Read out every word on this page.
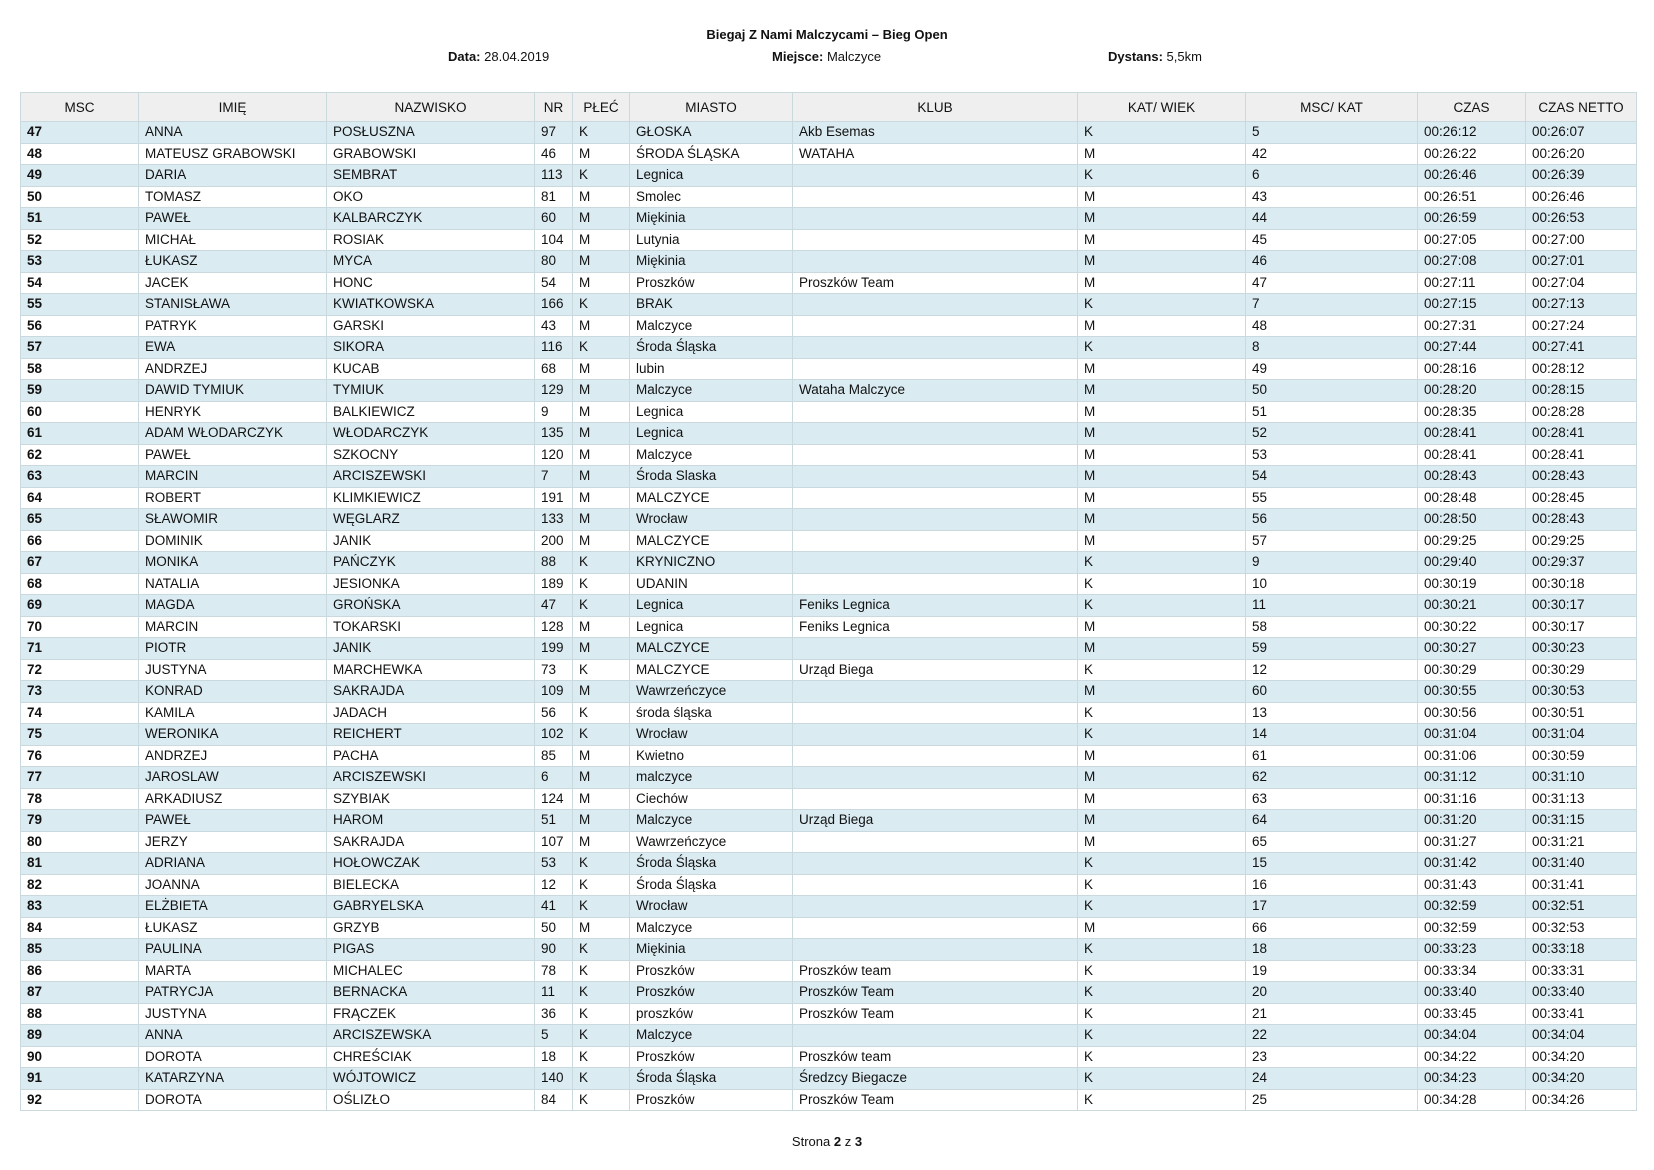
Biegaj Z Nami Malczycami – Bieg Open
Data: 28.04.2019	Miejsce: Malczyce	Dystans: 5,5km
MSC	IMIĘ	NAZWISKO	NR	PŁEĆ	MIASTO	KLUB	KAT/ WIEK	MSC/ KAT	CZAS	CZAS NETTO
47	ANNA	POSŁUSZNA	97	K	GŁOSKA	Akb Esemas	K	5	00:26:12	00:26:07
48	MATEUSZ GRABOWSKI	GRABOWSKI	46	M	ŚRODA ŚLĄSKA	WATAHA	M	42	00:26:22	00:26:20
49	DARIA	SEMBRAT	113	K	Legnica		K	6	00:26:46	00:26:39
50	TOMASZ	OKO	81	M	Smolec		M	43	00:26:51	00:26:46
51	PAWEŁ	KALBARCZYK	60	M	Miękinia		M	44	00:26:59	00:26:53
52	MICHAŁ	ROSIAK	104	M	Lutynia		M	45	00:27:05	00:27:00
53	ŁUKASZ	MYCA	80	M	Miękinia		M	46	00:27:08	00:27:01
54	JACEK	HONC	54	M	Proszków	Proszków Team	M	47	00:27:11	00:27:04
55	STANISŁAWA	KWIATKOWSKA	166	K	BRAK		K	7	00:27:15	00:27:13
56	PATRYK	GARSKI	43	M	Malczyce		M	48	00:27:31	00:27:24
57	EWA	SIKORA	116	K	Środa Śląska		K	8	00:27:44	00:27:41
58	ANDRZEJ	KUCAB	68	M	lubin		M	49	00:28:16	00:28:12
59	DAWID TYMIUK	TYMIUK	129	M	Malczyce	Wataha Malczyce	M	50	00:28:20	00:28:15
60	HENRYK	BALKIEWICZ	9	M	Legnica		M	51	00:28:35	00:28:28
61	ADAM WŁODARCZYK	WŁODARCZYK	135	M	Legnica		M	52	00:28:41	00:28:41
62	PAWEŁ	SZKOCNY	120	M	Malczyce		M	53	00:28:41	00:28:41
63	MARCIN	ARCISZEWSKI	7	M	Środa Slaska		M	54	00:28:43	00:28:43
64	ROBERT	KLIMKIEWICZ	191	M	MALCZYCE		M	55	00:28:48	00:28:45
65	SŁAWOMIR	WĘGLARZ	133	M	Wrocław		M	56	00:28:50	00:28:43
66	DOMINIK	JANIK	200	M	MALCZYCE		M	57	00:29:25	00:29:25
67	MONIKA	PAŃCZYK	88	K	KRYNICZNO		K	9	00:29:40	00:29:37
68	NATALIA	JESIONKA	189	K	UDANIN		K	10	00:30:19	00:30:18
69	MAGDA	GROŃSKA	47	K	Legnica	Feniks Legnica	K	11	00:30:21	00:30:17
70	MARCIN	TOKARSKI	128	M	Legnica	Feniks Legnica	M	58	00:30:22	00:30:17
71	PIOTR	JANIK	199	M	MALCZYCE		M	59	00:30:27	00:30:23
72	JUSTYNA	MARCHEWKA	73	K	MALCZYCE	Urząd Biega	K	12	00:30:29	00:30:29
73	KONRAD	SAKRAJDA	109	M	Wawrzeńczyce		M	60	00:30:55	00:30:53
74	KAMILA	JADACH	56	K	środa śląska		K	13	00:30:56	00:30:51
75	WERONIKA	REICHERT	102	K	Wrocław		K	14	00:31:04	00:31:04
76	ANDRZEJ	PACHA	85	M	Kwietno		M	61	00:31:06	00:30:59
77	JAROSLAW	ARCISZEWSKI	6	M	malczyce		M	62	00:31:12	00:31:10
78	ARKADIUSZ	SZYBIAK	124	M	Ciechów		M	63	00:31:16	00:31:13
79	PAWEŁ	HAROM	51	M	Malczyce	Urząd Biega	M	64	00:31:20	00:31:15
80	JERZY	SAKRAJDA	107	M	Wawrzeńczyce		M	65	00:31:27	00:31:21
81	ADRIANA	HOŁOWCZAK	53	K	Środa Śląska		K	15	00:31:42	00:31:40
82	JOANNA	BIELECKA	12	K	Środa Śląska		K	16	00:31:43	00:31:41
83	ELŻBIETA	GABRYELSKA	41	K	Wrocław		K	17	00:32:59	00:32:51
84	ŁUKASZ	GRZYB	50	M	Malczyce		M	66	00:32:59	00:32:53
85	PAULINA	PIGAS	90	K	Miękinia		K	18	00:33:23	00:33:18
86	MARTA	MICHALEC	78	K	Proszków	Proszków team	K	19	00:33:34	00:33:31
87	PATRYCJA	BERNACKA	11	K	Proszków	Proszków Team	K	20	00:33:40	00:33:40
88	JUSTYNA	FRĄCZEK	36	K	proszków	Proszków Team	K	21	00:33:45	00:33:41
89	ANNA	ARCISZEWSKA	5	K	Malczyce		K	22	00:34:04	00:34:04
90	DOROTA	CHREŚCIAK	18	K	Proszków	Proszków team	K	23	00:34:22	00:34:20
91	KATARZYNA	WÓJTOWICZ	140	K	Środa Śląska	Średzcy Biegacze	K	24	00:34:23	00:34:20
92	DOROTA	OŚLIZŁO	84	K	Proszków	Proszków Team	K	25	00:34:28	00:34:26
Strona 2 z 3
